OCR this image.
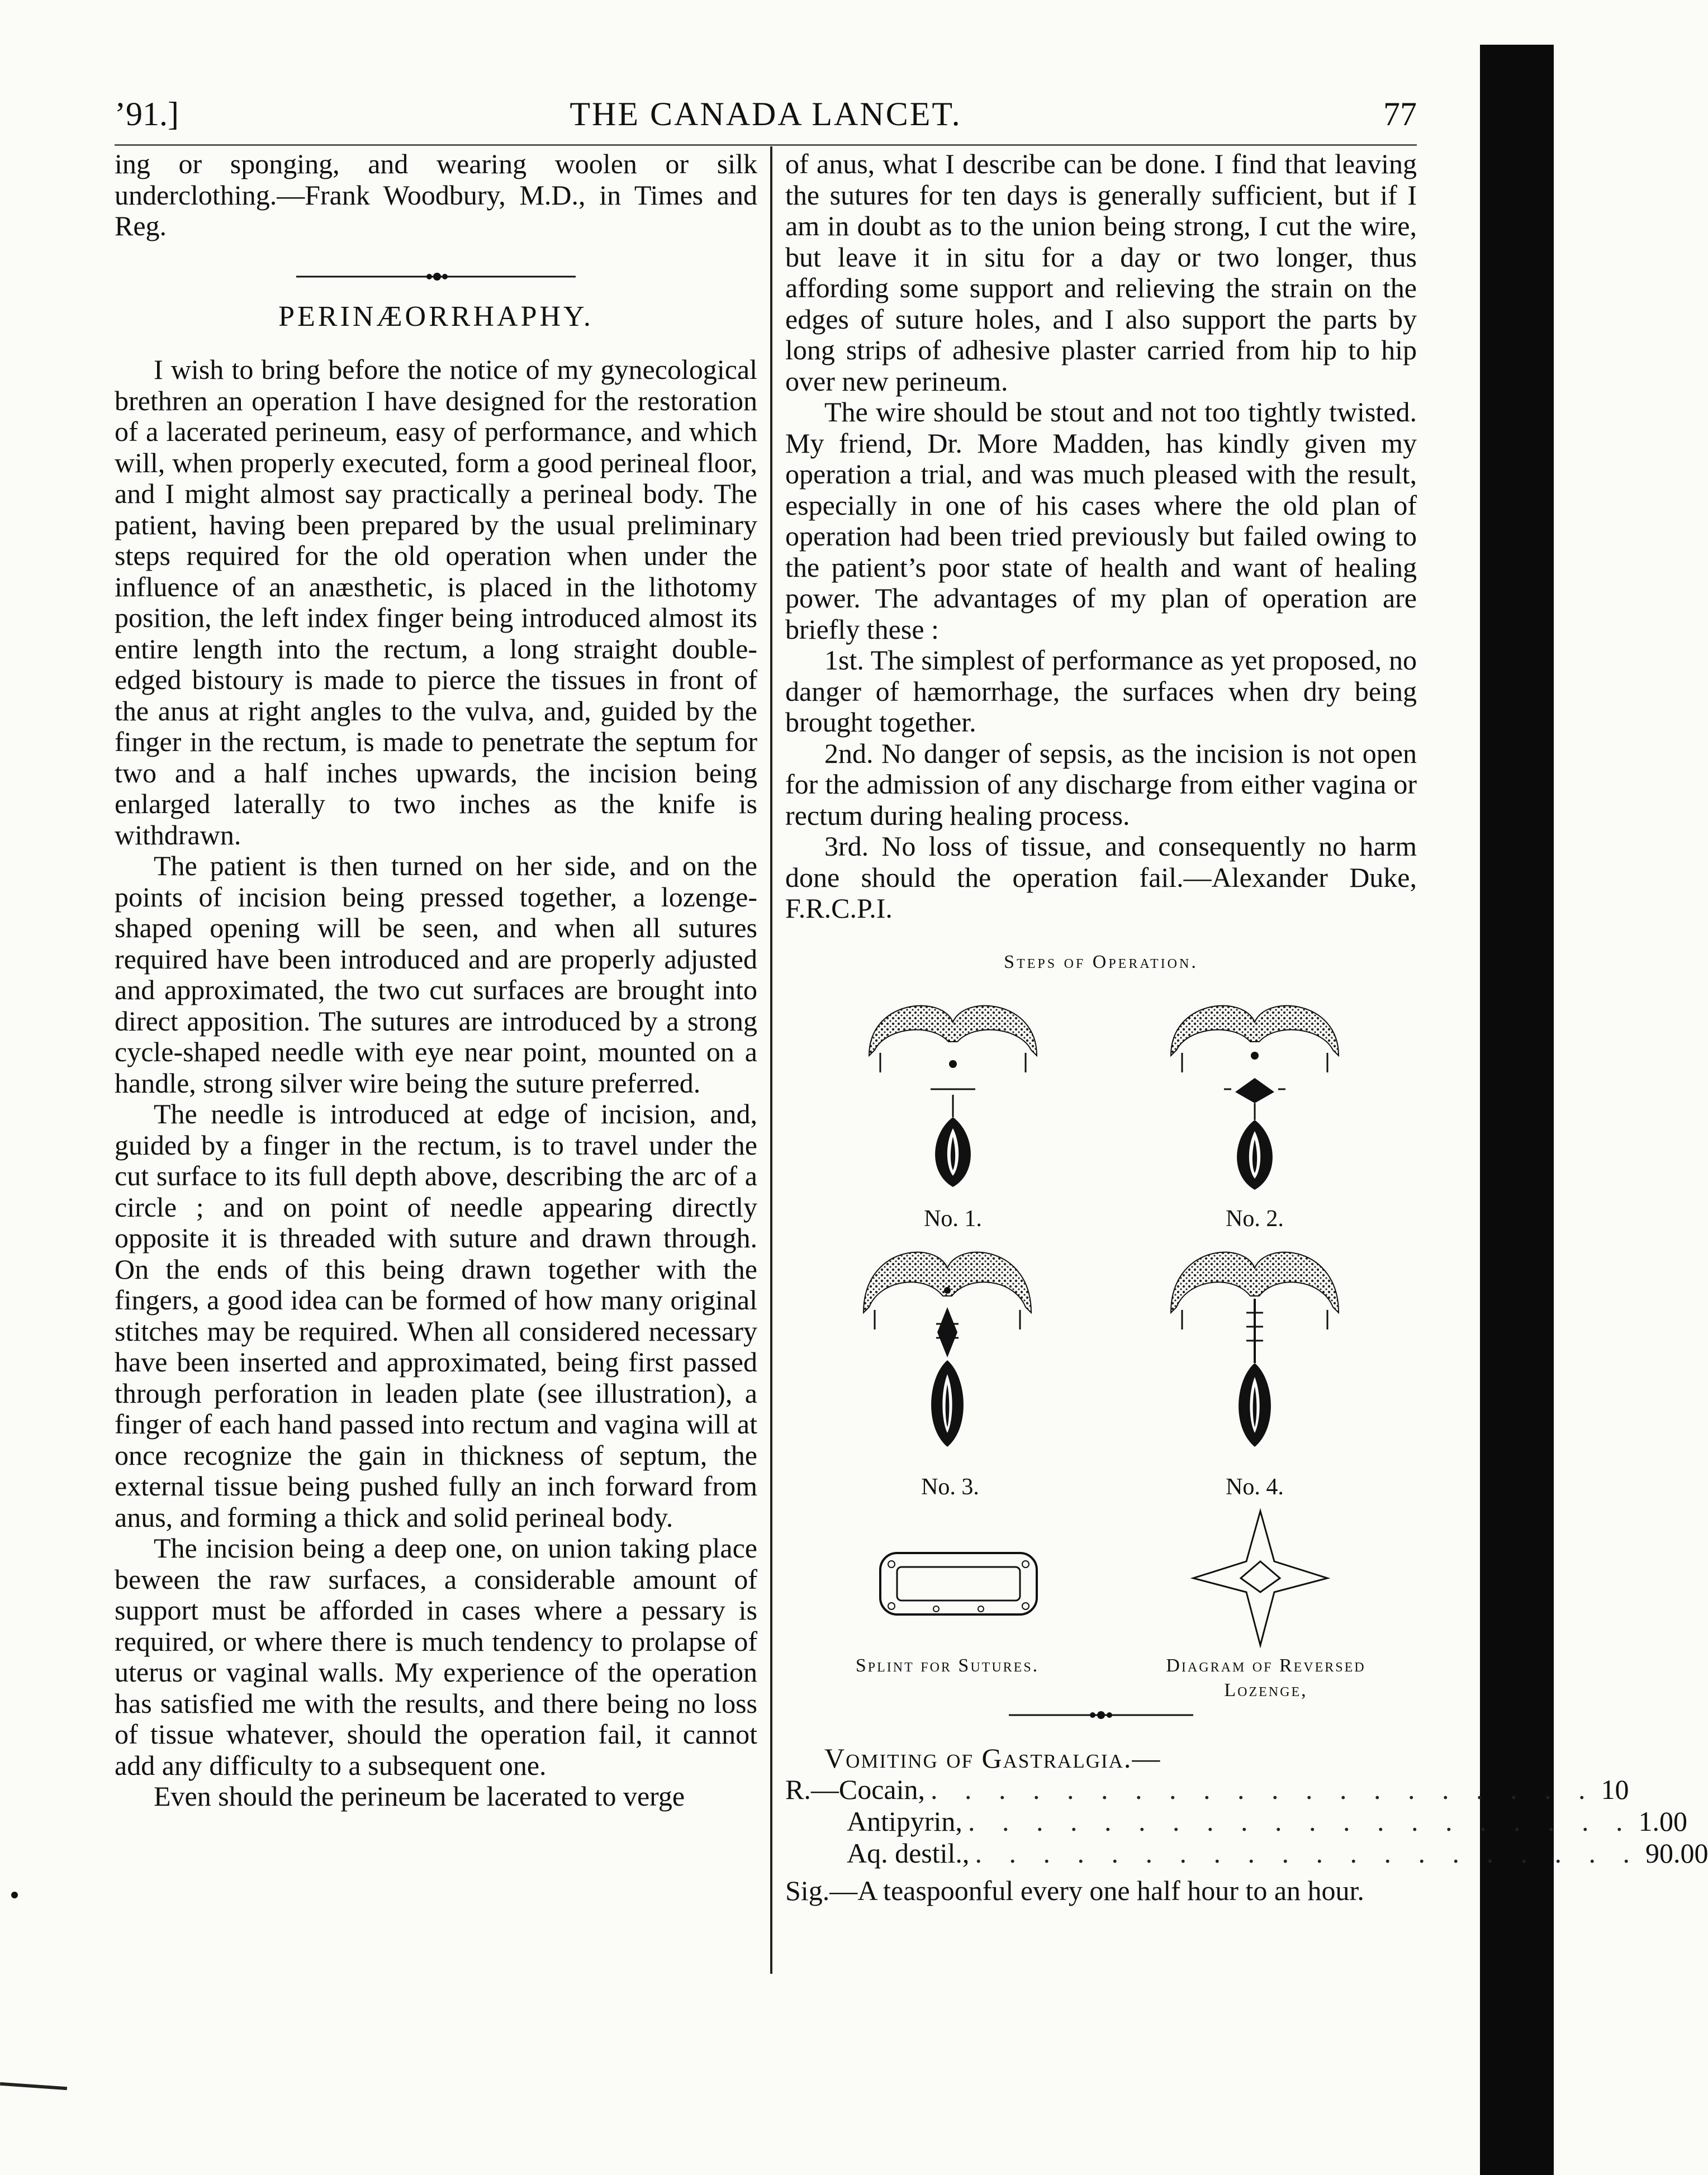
’91.]	THE CANADA LANCET.	77

ing or sponging, and wearing woolen or silk underclothing.—Frank Woodbury, M.D., in Times and Reg.

PERINÆORRHAPHY.

I wish to bring before the notice of my gynecological brethren an operation I have designed for the restoration of a lacerated perineum, easy of performance, and which will, when properly executed, form a good perineal floor, and I might almost say practically a perineal body. The patient, having been prepared by the usual preliminary steps required for the old operation when under the influence of an anæsthetic, is placed in the lithotomy position, the left index finger being introduced almost its entire length into the rectum, a long straight double-edged bistoury is made to pierce the tissues in front of the anus at right angles to the vulva, and, guided by the finger in the rectum, is made to penetrate the septum for two and a half inches upwards, the incision being enlarged laterally to two inches as the knife is withdrawn.

The patient is then turned on her side, and on the points of incision being pressed together, a lozenge-shaped opening will be seen, and when all sutures required have been introduced and are properly adjusted and approximated, the two cut surfaces are brought into direct apposition. The sutures are introduced by a strong cycle-shaped needle with eye near point, mounted on a handle, strong silver wire being the suture preferred.

The needle is introduced at edge of incision, and, guided by a finger in the rectum, is to travel under the cut surface to its full depth above, describing the arc of a circle ; and on point of needle appearing directly opposite it is threaded with suture and drawn through. On the ends of this being drawn together with the fingers, a good idea can be formed of how many original stitches may be required. When all considered necessary have been inserted and approximated, being first passed through perforation in leaden plate (see illustration), a finger of each hand passed into rectum and vagina will at once recognize the gain in thickness of septum, the external tissue being pushed fully an inch forward from anus, and forming a thick and solid perineal body.

The incision being a deep one, on union taking place beween the raw surfaces, a considerable amount of support must be afforded in cases where a pessary is required, or where there is much tendency to prolapse of uterus or vaginal walls. My experience of the operation has satisfied me with the results, and there being no loss of tissue whatever, should the operation fail, it cannot add any difficulty to a subsequent one.

Even should the perineum be lacerated to verge

of anus, what I describe can be done. I find that leaving the sutures for ten days is generally sufficient, but if I am in doubt as to the union being strong, I cut the wire, but leave it in situ for a day or two longer, thus affording some support and relieving the strain on the edges of suture holes, and I also support the parts by long strips of adhesive plaster carried from hip to hip over new perineum.

The wire should be stout and not too tightly twisted. My friend, Dr. More Madden, has kindly given my operation a trial, and was much pleased with the result, especially in one of his cases where the old plan of operation had been tried previously but failed owing to the patient’s poor state of health and want of healing power. The advantages of my plan of operation are briefly these :

1st. The simplest of performance as yet proposed, no danger of hæmorrhage, the surfaces when dry being brought together.

2nd. No danger of sepsis, as the incision is not open for the admission of any discharge from either vagina or rectum during healing process.

3rd. No loss of tissue, and consequently no harm done should the operation fail.—Alexander Duke, F.R.C.P.I.

Steps of Operation.
No. 1.	No. 2.
No. 3.	No. 4.
Splint for Sutures.	Diagram of Reversed
Lozenge,

Vomiting of Gastralgia.—

R.—Cocain, . . . . . . . . . . . . . . . . . . . . 10
Antipyrin, . . . . . . . . . . . . . . . . . . . . 1.00
Aq. destil., . . . . . . . . . . . . . . . . . . . . 90.00

Sig.—A teaspoonful every one half hour to an hour.
